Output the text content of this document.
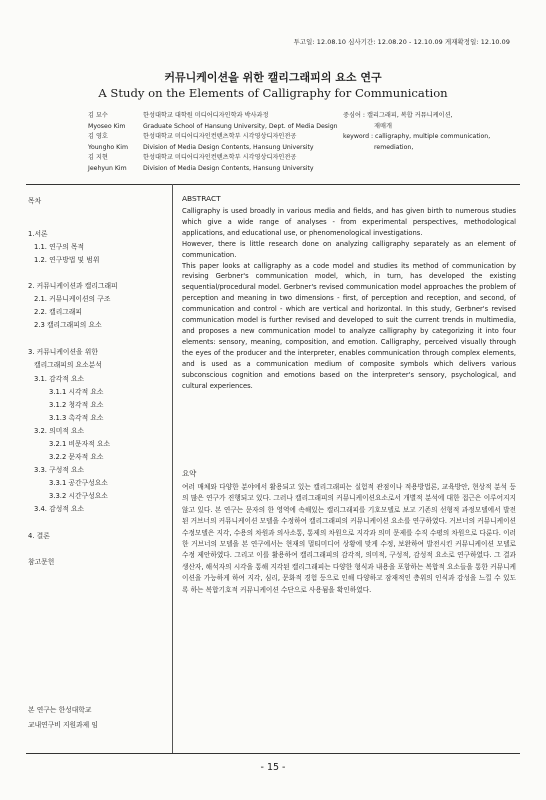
투고일: 12.08.10 심사기간: 12.08.20 - 12.10.09 게재확정일: 12.10.09
커뮤니케이션을 위한 캘리그래피의 요소 연구
A Study on the Elements of Calligraphy for Communication
김 묘수	한성대학교 대학원 미디어디자인학과 박사과정
Myoseo Kim	Graduate School of Hansung University, Dept. of Media Design
김 영호	한성대학교 미디어디자인컨텐츠학부 시각영상디자인전공
Youngho Kim	Division of Media Design Contents, Hansung University
김 지현	한성대학교 미디어디자인컨텐츠학부 시각영상디자인전공
Jeehyun Kim	Division of Media Design Contents, Hansung University
중심어 : 캘리그래피, 복합 커뮤니케이션,
재매개
keyword : calligraphy, multiple communication,
remediation,
목차
1.서론
1.1. 연구의 목적
1.2. 연구방법 및 범위
2. 커뮤니케이션과 캘리그래피
2.1. 커뮤니케이션의 구조
2.2. 캘리그래피
2.3 캘리그래피의 요소
3. 커뮤니케이션을 위한
캘리그래피의 요소분석
3.1. 감각적 요소
3.1.1 시각적 요소
3.1.2 청각적 요소
3.1.3 촉각적 요소
3.2. 의미적 요소
3.2.1 비문자적 요소
3.2.2 문자적 요소
3.3. 구성적 요소
3.3.1 공간구성요소
3.3.2 시간구성요소
3.4. 감성적 요소
4. 결론
참고문헌
본 연구는 한성대학교
교내연구비 지원과제 임
ABSTRACT

Calligraphy is used broadly in various media and fields, and has given birth to numerous studies which give a wide range of analyses - from experimental perspectives, methodological applications, and educational use, or phenomenological investigations.

However, there is little research done on analyzing calligraphy separately as an element of communication.

This paper looks at calligraphy as a code model and studies its method of communication by revising Gerbner's communication model, which, in turn, has developed the existing sequential/procedural model. Gerbner's revised communication model approaches the problem of perception and meaning in two dimensions - first, of perception and reception, and second, of communication and control - which are vertical and horizontal. In this study, Gerbner's revised communication model is further revised and developed to suit the current trends in multimedia, and proposes a new communication model to analyze calligraphy by categorizing it into four elements: sensory, meaning, composition, and emotion. Calligraphy, perceived visually through the eyes of the producer and the interpreter, enables communication through complex elements, and is used as a communication medium of composite symbols which delivers various subconscious cognition and emotions based on the interpreter's sensory, psychological, and cultural experiences.

요약

여러 매체와 다양한 분야에서 활용되고 있는 캘리그래피는 실험적 관점이나 적용방법론, 교육방안, 현상적 분석 등의 많은 연구가 진행되고 있다. 그러나 캘리그래피의 커뮤니케이션요소로서 개별적 분석에 대한 접근은 이루어지지 않고 있다. 본 연구는 문자의 한 영역에 속해있는 캘리그래피를 기호모델로 보고 기존의 선형적 과정모델에서 발전된 거브너의 커뮤니케이션 모델을 수정하여 캘리그래피의 커뮤니케이션 요소를 연구하였다. 거브너의 커뮤니케이션 수정모델은 지각, 수용의 차원과 의사소통, 통제의 차원으로 지각과 의미 문제를 수직 수평의 차원으로 다룬다. 이러한 거브너의 모델을 본 연구에서는 현재의 멀티미디어 상황에 맞게 수정, 보완하여 발전시킨 커뮤니케이션 모델로 수정 제안하였다. 그리고 이를 활용하여 캘리그래피의 감각적, 의미적, 구성적, 감성적 요소로 연구하였다. 그 결과 생산자, 해석자의 시각을 통해 지각된 캘리그래피는 다양한 형식과 내용을 포함하는 복합적 요소들을 통한 커뮤니케이션을 가능하게 하여 지각, 심리, 문화적 경험 등으로 인해 다양하고 잠재적인 층위의 인식과 감성을 느낄 수 있도록 하는 복합기호적 커뮤니케이션 수단으로 사용됨을 확인하였다.

- 15 -
